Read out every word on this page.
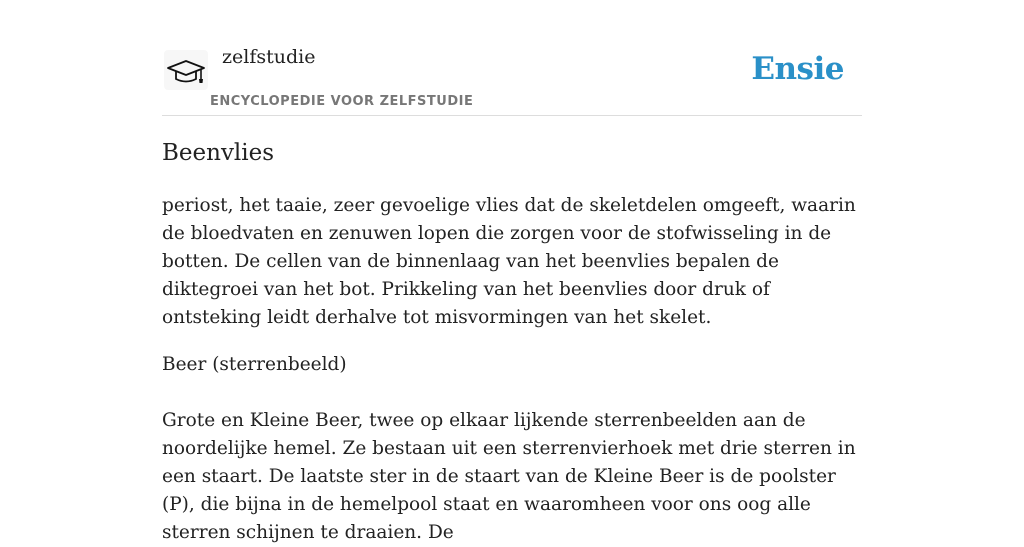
zelfstudie
ENCYCLOPEDIE VOOR ZELFSTUDIE
Ensie
Beenvlies

periost, het taaie, zeer gevoelige vlies dat de skeletdelen omgeeft, waarin de bloedvaten en zenuwen lopen die zorgen voor de stofwisseling in de botten. De cellen van de binnenlaag van het beenvlies bepalen de diktegroei van het bot. Prikkeling van het beenvlies door druk of ontsteking leidt derhalve tot misvormingen van het skelet.

Beer (sterrenbeeld)

Grote en Kleine Beer, twee op elkaar lijkende sterrenbeelden aan de noordelijke hemel. Ze bestaan uit een sterrenvierhoek met drie sterren in een staart. De laatste ster in de staart van de Kleine Beer is de poolster (P), die bijna in de hemelpool staat en waaromheen voor ons oog alle sterren schijnen te draaien. De
